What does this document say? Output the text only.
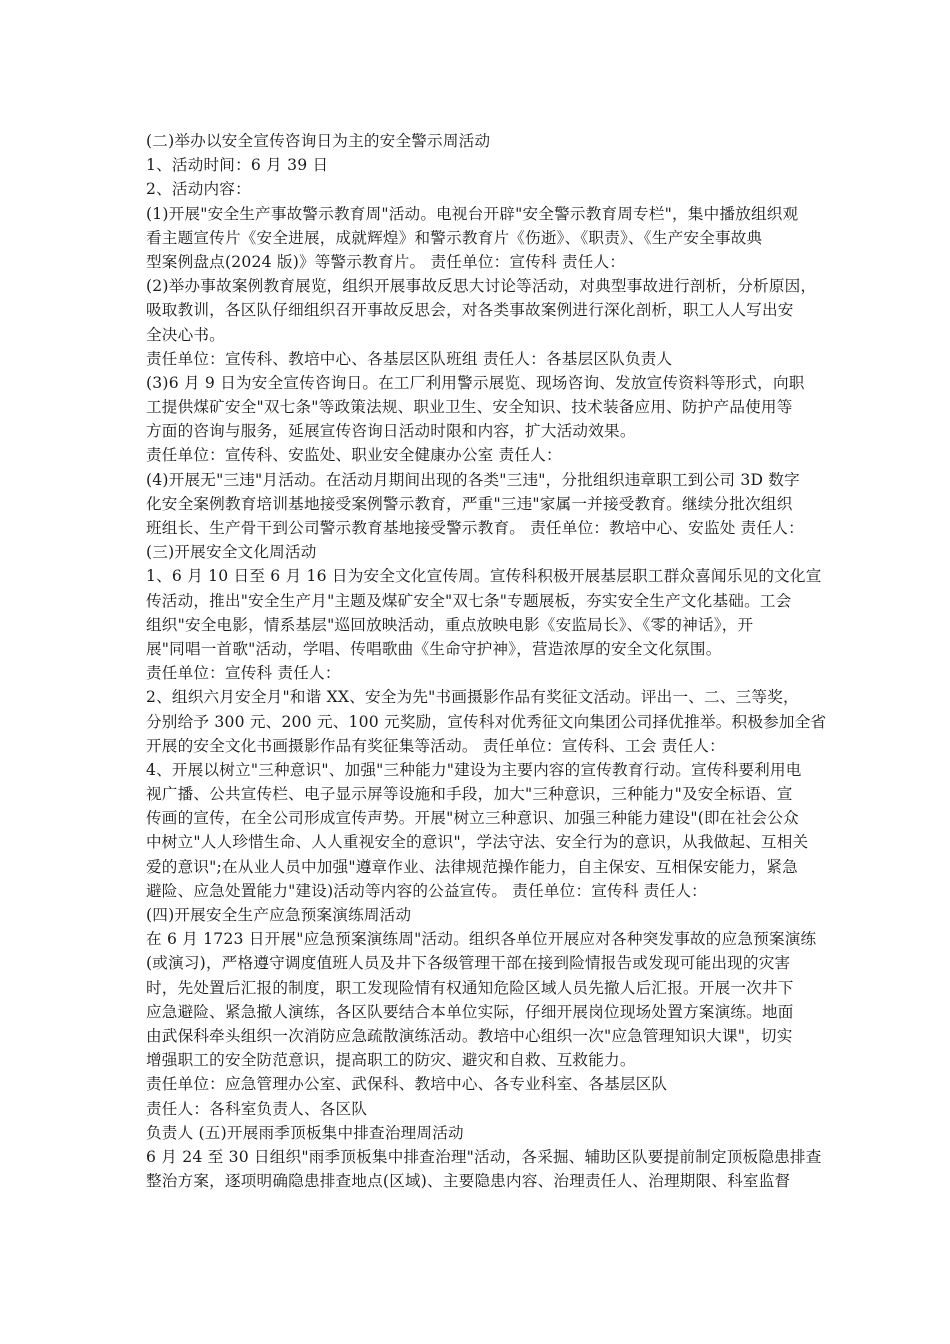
(二)举办以安全宣传咨询日为主的安全警示周活动
1、活动时间：6 月 39 日
2、活动内容：
(1)开展"安全生产事故警示教育周"活动。电视台开辟"安全警示教育周专栏"，集中播放组织观
看主题宣传片《安全进展，成就辉煌》和警示教育片《伤逝》、《职责》、《生产安全事故典
型案例盘点(2024 版)》等警示教育片。 责任单位：宣传科 责任人：
(2)举办事故案例教育展览，组织开展事故反思大讨论等活动，对典型事故进行剖析，分析原因，
吸取教训，各区队仔细组织召开事故反思会，对各类事故案例进行深化剖析，职工人人写出安
全决心书。
责任单位：宣传科、教培中心、各基层区队班组 责任人：各基层区队负责人
(3)6 月 9 日为安全宣传咨询日。在工厂利用警示展览、现场咨询、发放宣传资料等形式，向职
工提供煤矿安全"双七条"等政策法规、职业卫生、安全知识、技术装备应用、防护产品使用等
方面的咨询与服务，延展宣传咨询日活动时限和内容，扩大活动效果。
责任单位：宣传科、安监处、职业安全健康办公室 责任人：
(4)开展无"三违"月活动。在活动月期间出现的各类"三违"，分批组织违章职工到公司 3D 数字
化安全案例教育培训基地接受案例警示教育，严重"三违"家属一并接受教育。继续分批次组织
班组长、生产骨干到公司警示教育基地接受警示教育。 责任单位：教培中心、安监处 责任人：
(三)开展安全文化周活动
1、6 月 10 日至 6 月 16 日为安全文化宣传周。宣传科积极开展基层职工群众喜闻乐见的文化宣
传活动，推出"安全生产月"主题及煤矿安全"双七条"专题展板，夯实安全生产文化基础。工会
组织"安全电影，情系基层"巡回放映活动，重点放映电影《安监局长》、《零的神话》，开
展"同唱一首歌"活动，学唱、传唱歌曲《生命守护神》，营造浓厚的安全文化氛围。
责任单位：宣传科 责任人：
2、组织六月安全月"和谐 XX、安全为先"书画摄影作品有奖征文活动。评出一、二、三等奖，
分别给予 300 元、200 元、100 元奖励，宣传科对优秀征文向集团公司择优推举。积极参加全省
开展的安全文化书画摄影作品有奖征集等活动。 责任单位：宣传科、工会 责任人：
4、开展以树立"三种意识"、加强"三种能力"建设为主要内容的宣传教育行动。宣传科要利用电
视广播、公共宣传栏、电子显示屏等设施和手段，加大"三种意识，三种能力"及安全标语、宣
传画的宣传，在全公司形成宣传声势。开展"树立三种意识、加强三种能力建设"(即在社会公众
中树立"人人珍惜生命、人人重视安全的意识"，学法守法、安全行为的意识，从我做起、互相关
爱的意识";在从业人员中加强"遵章作业、法律规范操作能力，自主保安、互相保安能力，紧急
避险、应急处置能力"建设)活动等内容的公益宣传。 责任单位：宣传科 责任人：
(四)开展安全生产应急预案演练周活动
在 6 月 1723 日开展"应急预案演练周"活动。组织各单位开展应对各种突发事故的应急预案演练
(或演习)，严格遵守调度值班人员及井下各级管理干部在接到险情报告或发现可能出现的灾害
时，先处置后汇报的制度，职工发现险情有权通知危险区域人员先撤人后汇报。开展一次井下
应急避险、紧急撤人演练，各区队要结合本单位实际，仔细开展岗位现场处置方案演练。地面
由武保科牵头组织一次消防应急疏散演练活动。教培中心组织一次"应急管理知识大课"，切实
增强职工的安全防范意识，提高职工的防灾、避灾和自救、互救能力。
责任单位：应急管理办公室、武保科、教培中心、各专业科室、各基层区队
责任人：各科室负责人、各区队
负责人 (五)开展雨季顶板集中排查治理周活动
6 月 24 至 30 日组织"雨季顶板集中排查治理"活动，各采掘、辅助区队要提前制定顶板隐患排查
整治方案，逐项明确隐患排查地点(区域)、主要隐患内容、治理责任人、治理期限、科室监督
